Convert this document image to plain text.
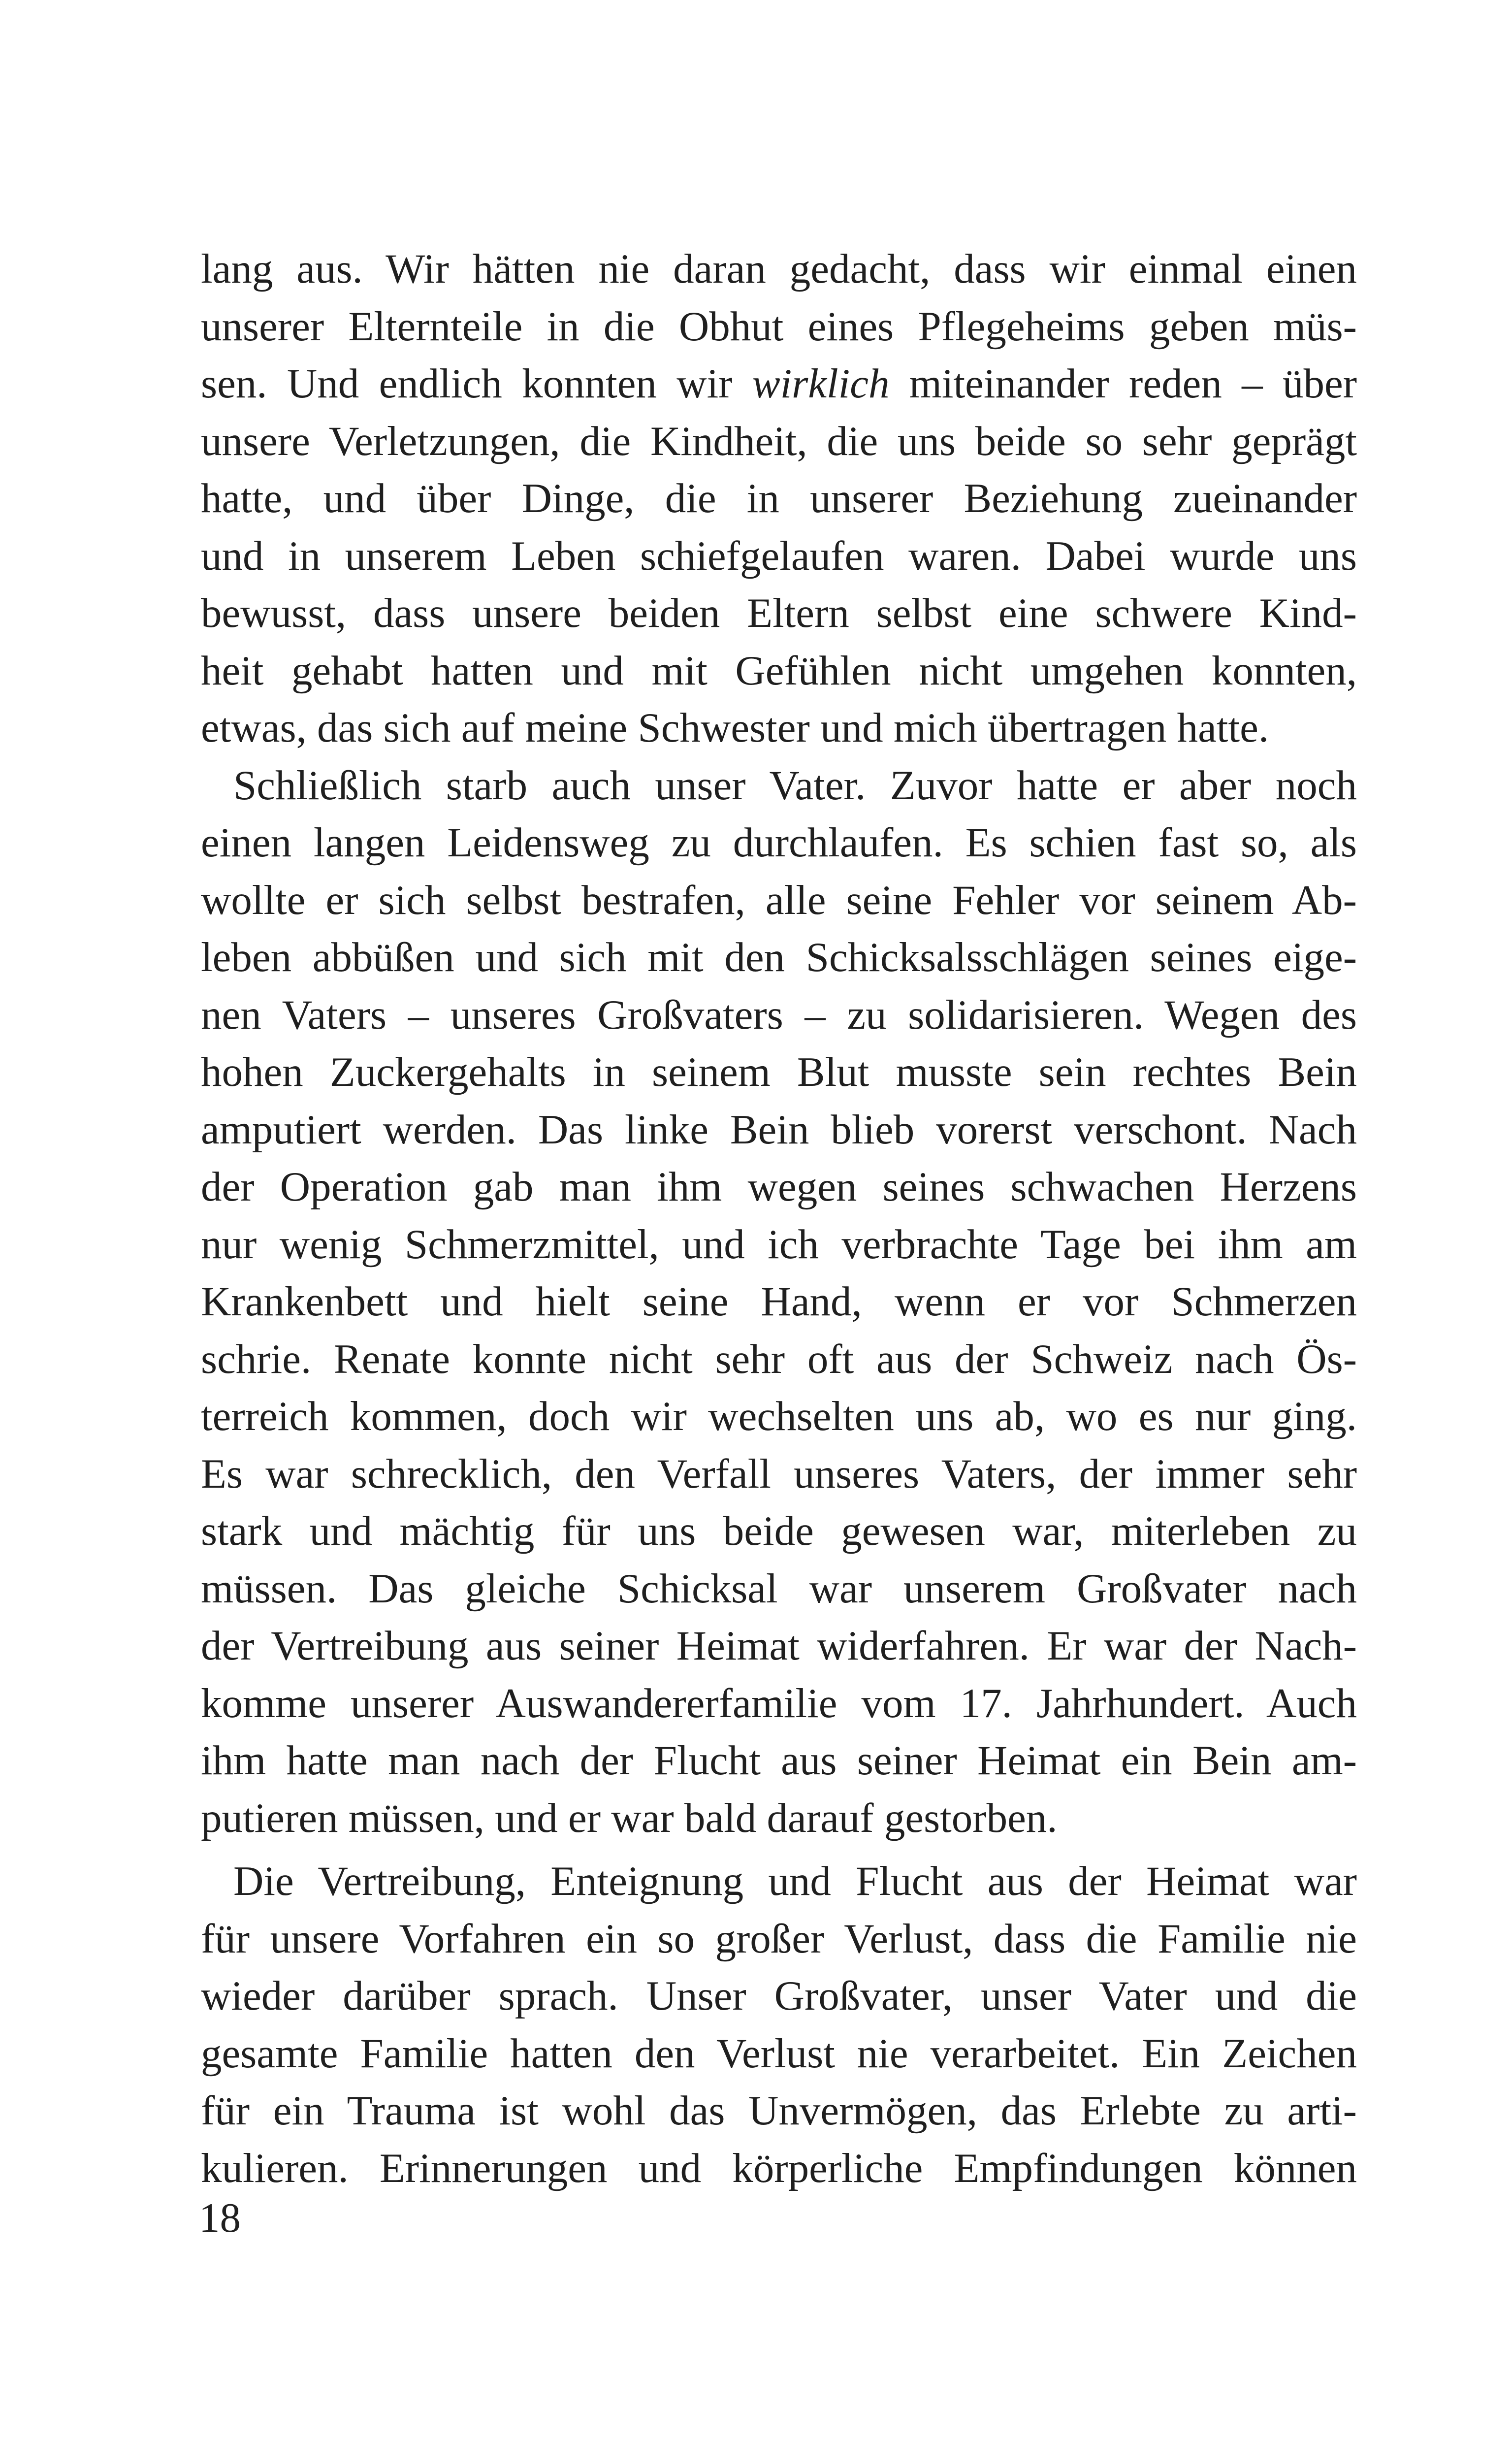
lang aus. Wir hätten nie daran gedacht, dass wir einmal einen
unserer Elternteile in die Obhut eines Pflegeheims geben müs-
sen. Und endlich konnten wir wirklich miteinander reden – über
unsere Verletzungen, die Kindheit, die uns beide so sehr geprägt
hatte, und über Dinge, die in unserer Beziehung zueinander
und in unserem Leben schiefgelaufen waren. Dabei wurde uns
bewusst, dass unsere beiden Eltern selbst eine schwere Kind-
heit gehabt hatten und mit Gefühlen nicht umgehen konnten,
etwas, das sich auf meine Schwester und mich übertragen hatte.
Schließlich starb auch unser Vater. Zuvor hatte er aber noch
einen langen Leidensweg zu durchlaufen. Es schien fast so, als
wollte er sich selbst bestrafen, alle seine Fehler vor seinem Ab-
leben abbüßen und sich mit den Schicksalsschlägen seines eige-
nen Vaters – unseres Großvaters – zu solidarisieren. Wegen des
hohen Zuckergehalts in seinem Blut musste sein rechtes Bein
amputiert werden. Das linke Bein blieb vorerst verschont. Nach
der Operation gab man ihm wegen seines schwachen Herzens
nur wenig Schmerzmittel, und ich verbrachte Tage bei ihm am
Krankenbett und hielt seine Hand, wenn er vor Schmerzen
schrie. Renate konnte nicht sehr oft aus der Schweiz nach Ös-
terreich kommen, doch wir wechselten uns ab, wo es nur ging.
Es war schrecklich, den Verfall unseres Vaters, der immer sehr
stark und mächtig für uns beide gewesen war, miterleben zu
müssen. Das gleiche Schicksal war unserem Großvater nach
der Vertreibung aus seiner Heimat widerfahren. Er war der Nach-
komme unserer Auswandererfamilie vom 17. Jahrhundert. Auch
ihm hatte man nach der Flucht aus seiner Heimat ein Bein am-
putieren müssen, und er war bald darauf gestorben.
Die Vertreibung, Enteignung und Flucht aus der Heimat war
für unsere Vorfahren ein so großer Verlust, dass die Familie nie
wieder darüber sprach. Unser Großvater, unser Vater und die
gesamte Familie hatten den Verlust nie verarbeitet. Ein Zeichen
für ein Trauma ist wohl das Unvermögen, das Erlebte zu arti-
kulieren. Erinnerungen und körperliche Empfindungen können
18
